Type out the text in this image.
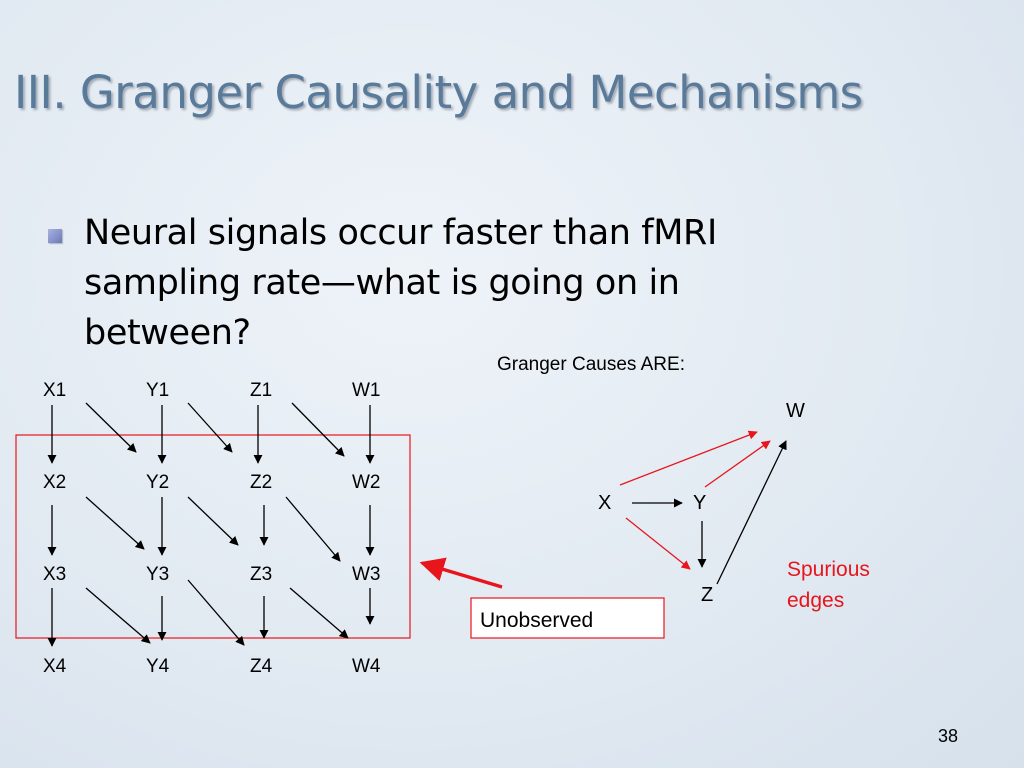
III. Granger Causality and Mechanisms

Neural signals occur faster than fMRI sampling rate—what is going on in between?

X1	Y1	Z1	W1
X2	Y2	Z2	W2
X3	Y3	Z3	W3
X4	Y4	Z4	W4
Unobserved
Granger Causes ARE:
W
X	Y
Z
Spurious
edges
38
